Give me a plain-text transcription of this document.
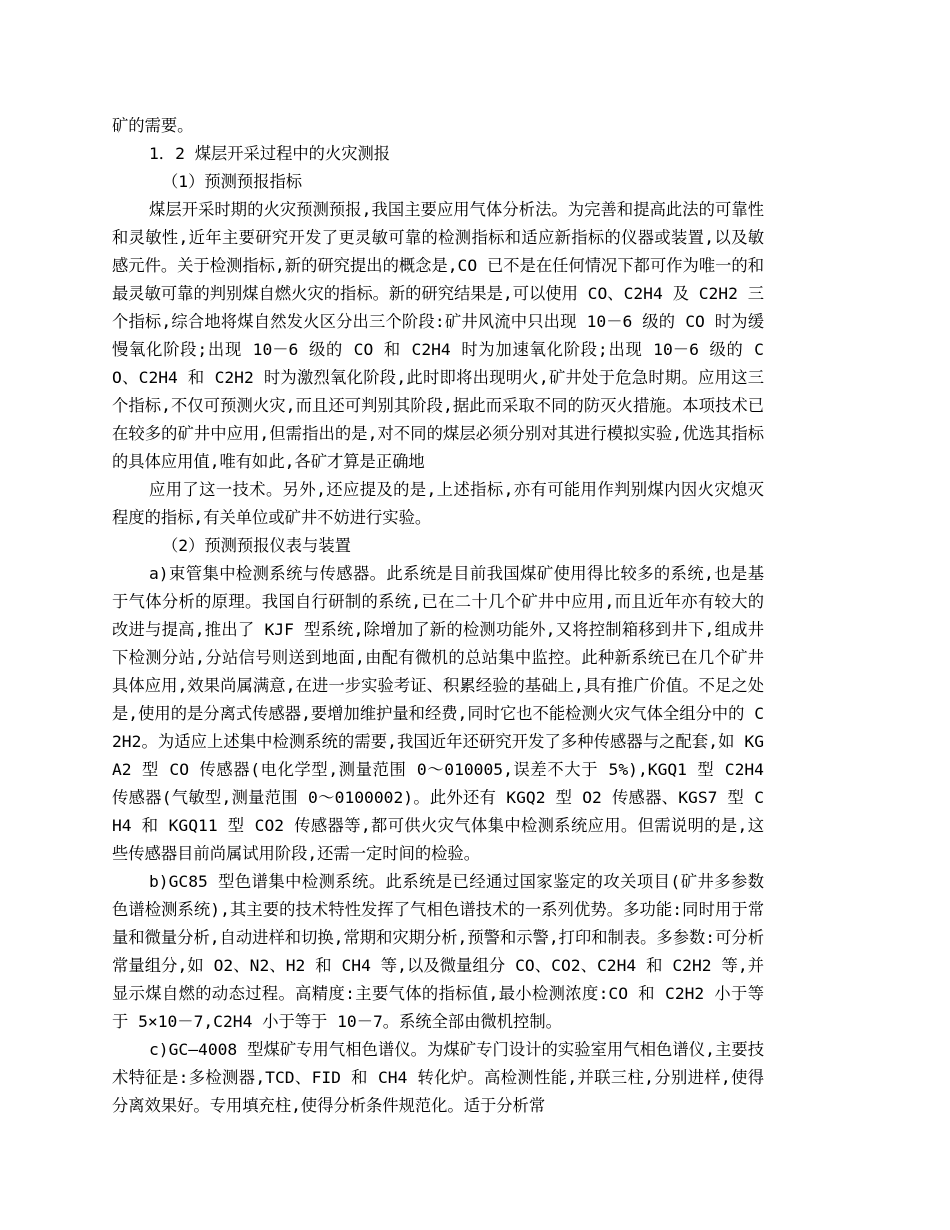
矿的需要。

1．2 煤层开采过程中的火灾测报

（1）预测预报指标

煤层开采时期的火灾预测预报,我国主要应用气体分析法。为完善和提高此法的可靠性和灵敏性,近年主要研究开发了更灵敏可靠的检测指标和适应新指标的仪器或装置,以及敏感元件。关于检测指标,新的研究提出的概念是,CO 已不是在任何情况下都可作为唯一的和最灵敏可靠的判别煤自燃火灾的指标。新的研究结果是,可以使用 CO、C2H4 及 C2H2 三个指标,综合地将煤自然发火区分出三个阶段:矿井风流中只出现 10－6 级的 CO 时为缓慢氧化阶段;出现 10－6 级的 CO 和 C2H4 时为加速氧化阶段;出现 10－6 级的 CO、C2H4 和 C2H2 时为激烈氧化阶段,此时即将出现明火,矿井处于危急时期。应用这三个指标,不仅可预测火灾,而且还可判别其阶段,据此而采取不同的防灭火措施。本项技术已在较多的矿井中应用,但需指出的是,对不同的煤层必须分别对其进行模拟实验,优选其指标的具体应用值,唯有如此,各矿才算是正确地

应用了这一技术。另外,还应提及的是,上述指标,亦有可能用作判别煤内因火灾熄灭程度的指标,有关单位或矿井不妨进行实验。

（2）预测预报仪表与装置

a)束管集中检测系统与传感器。此系统是目前我国煤矿使用得比较多的系统,也是基于气体分析的原理。我国自行研制的系统,已在二十几个矿井中应用,而且近年亦有较大的改进与提高,推出了 KJF 型系统,除增加了新的检测功能外,又将控制箱移到井下,组成井下检测分站,分站信号则送到地面,由配有微机的总站集中监控。此种新系统已在几个矿井具体应用,效果尚属满意,在进一步实验考证、积累经验的基础上,具有推广价值。不足之处是,使用的是分离式传感器,要增加维护量和经费,同时它也不能检测火灾气体全组分中的 C2H2。为适应上述集中检测系统的需要,我国近年还研究开发了多种传感器与之配套,如 KGA2 型 CO 传感器(电化学型,测量范围 0～010005,误差不大于 5%),KGQ1 型 C2H4 传感器(气敏型,测量范围 0～0100002)。此外还有 KGQ2 型 O2 传感器、KGS7 型 CH4 和 KGQ11 型 CO2 传感器等,都可供火灾气体集中检测系统应用。但需说明的是,这些传感器目前尚属试用阶段,还需一定时间的检验。

b)GC85 型色谱集中检测系统。此系统是已经通过国家鉴定的攻关项目(矿井多参数色谱检测系统),其主要的技术特性发挥了气相色谱技术的一系列优势。多功能:同时用于常量和微量分析,自动进样和切换,常期和灾期分析,预警和示警,打印和制表。多参数:可分析常量组分,如 O2、N2、H2 和 CH4 等,以及微量组分 CO、CO2、C2H4 和 C2H2 等,并显示煤自燃的动态过程。高精度:主要气体的指标值,最小检测浓度:CO 和 C2H2 小于等于 5×10－7,C2H4 小于等于 10－7。系统全部由微机控制。

c)GC—4008 型煤矿专用气相色谱仪。为煤矿专门设计的实验室用气相色谱仪,主要技术特征是:多检测器,TCD、FID 和 CH4 转化炉。高检测性能,并联三柱,分别进样,使得分离效果好。专用填充柱,使得分析条件规范化。适于分析常
